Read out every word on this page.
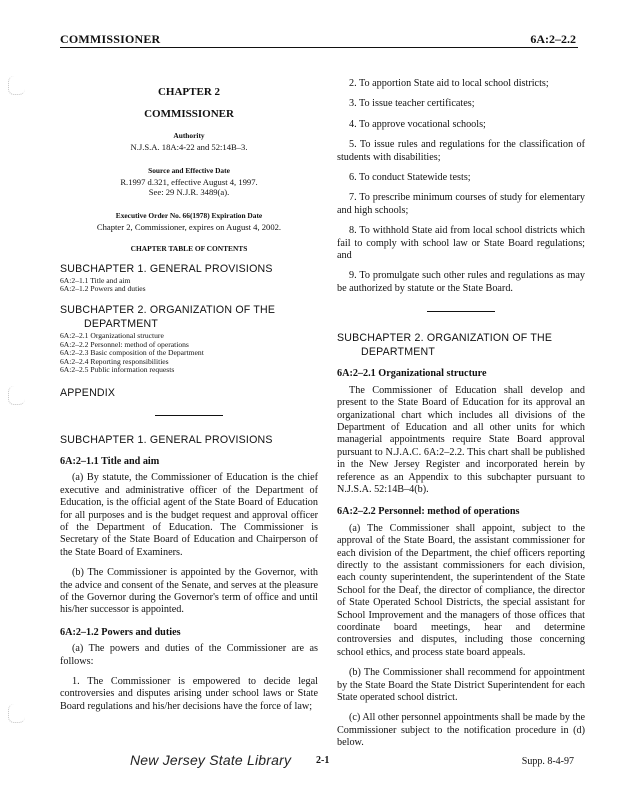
COMMISSIONER	6A:2–2.2
CHAPTER 2
COMMISSIONER
Authority
N.J.S.A. 18A:4-22 and 52:14B–3.
Source and Effective Date
R.1997 d.321, effective August 4, 1997.
See: 29 N.J.R. 3489(a).
Executive Order No. 66(1978) Expiration Date
Chapter 2, Commissioner, expires on August 4, 2002.
CHAPTER TABLE OF CONTENTS
SUBCHAPTER 1. GENERAL PROVISIONS
6A:2–1.1 Title and aim
6A:2–1.2 Powers and duties
SUBCHAPTER 2. ORGANIZATION OF THE
DEPARTMENT
6A:2–2.1 Organizational structure
6A:2–2.2 Personnel: method of operations
6A:2–2.3 Basic composition of the Department
6A:2–2.4 Reporting responsibilities
6A:2–2.5 Public information requests
APPENDIX
SUBCHAPTER 1. GENERAL PROVISIONS
6A:2–1.1 Title and aim

(a) By statute, the Commissioner of Education is the chief executive and administrative officer of the Department of Education, is the official agent of the State Board of Education for all purposes and is the budget request and approval officer of the Department of Education. The Commissioner is Secretary of the State Board of Education and Chairperson of the State Board of Examiners.

(b) The Commissioner is appointed by the Governor, with the advice and consent of the Senate, and serves at the pleasure of the Governor during the Governor's term of office and until his/her successor is appointed.

6A:2–1.2 Powers and duties

(a) The powers and duties of the Commissioner are as follows:

1. The Commissioner is empowered to decide legal controversies and disputes arising under school laws or State Board regulations and his/her decisions have the force of law;

2. To apportion State aid to local school districts;

3. To issue teacher certificates;

4. To approve vocational schools;

5. To issue rules and regulations for the classification of students with disabilities;

6. To conduct Statewide tests;

7. To prescribe minimum courses of study for elementary and high schools;

8. To withhold State aid from local school districts which fail to comply with school law or State Board regulations; and

9. To promulgate such other rules and regulations as may be authorized by statute or the State Board.

SUBCHAPTER 2. ORGANIZATION OF THE
DEPARTMENT
6A:2–2.1 Organizational structure

The Commissioner of Education shall develop and present to the State Board of Education for its approval an organizational chart which includes all divisions of the Department of Education and all other units for which managerial appointments require State Board approval pursuant to N.J.A.C. 6A:2–2.2. This chart shall be published in the New Jersey Register and incorporated herein by reference as an Appendix to this subchapter pursuant to N.J.S.A. 52:14B–4(b).

6A:2–2.2 Personnel: method of operations

(a) The Commissioner shall appoint, subject to the approval of the State Board, the assistant commissioner for each division of the Department, the chief officers reporting directly to the assistant commissioners for each division, each county superintendent, the superintendent of the State School for the Deaf, the director of compliance, the director of State Operated School Districts, the special assistant for School Improvement and the managers of those offices that coordinate board meetings, hear and determine controversies and disputes, including those concerning school ethics, and process state board appeals.

(b) The Commissioner shall recommend for appointment by the State Board the State District Superintendent for each State operated school district.

(c) All other personnel appointments shall be made by the Commissioner subject to the notification procedure in (d) below.

New Jersey State Library 2-1	Supp. 8-4-97
